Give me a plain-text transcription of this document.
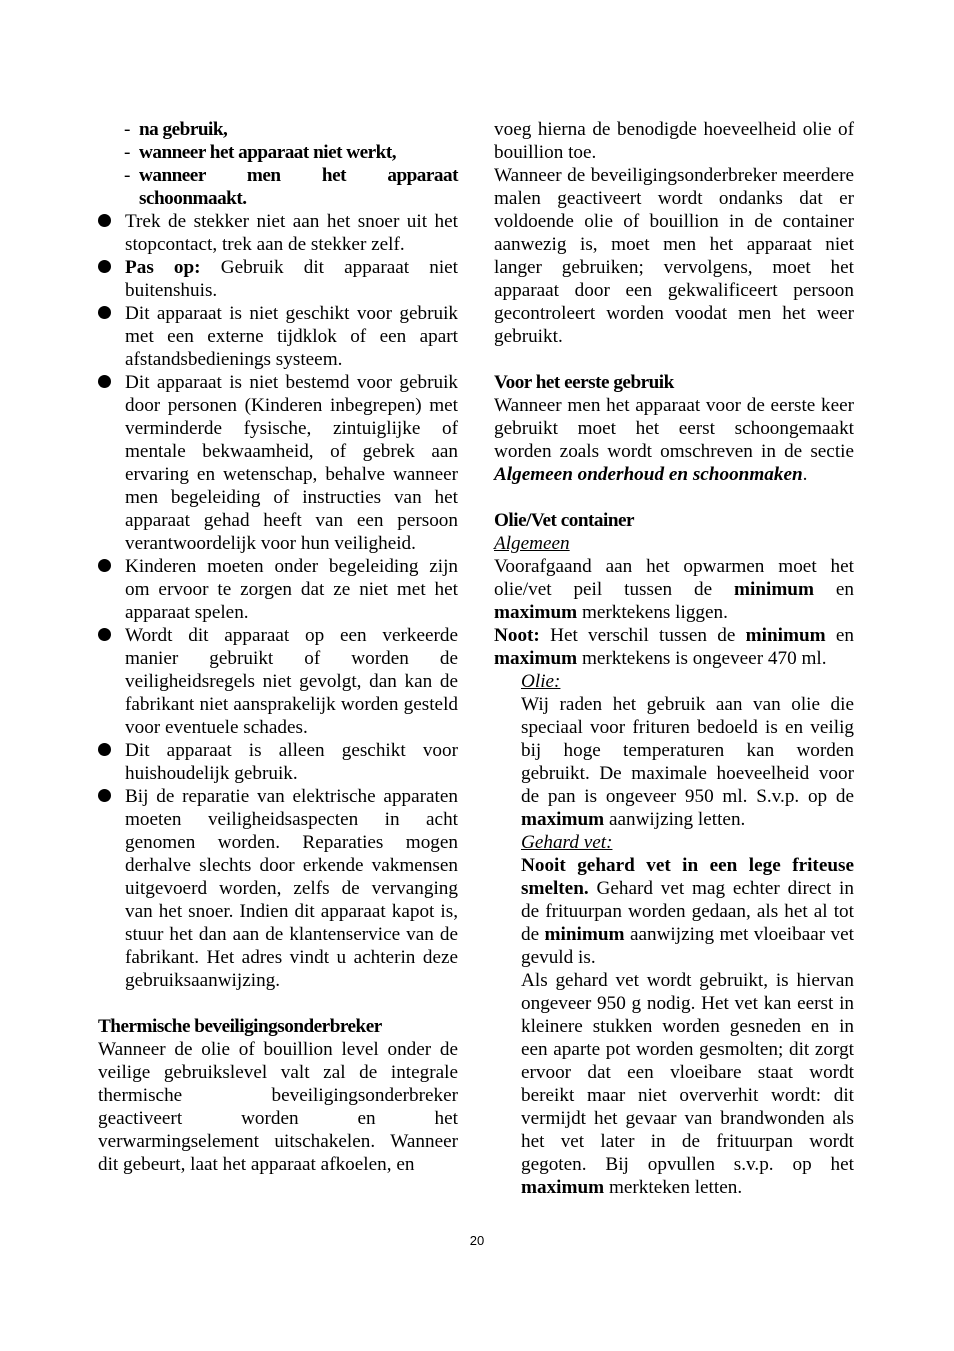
- na gebruik,
- wanneer het apparaat niet werkt,
- wanneer men het apparaat schoonmaakt.
Trek de stekker niet aan het snoer uit het stopcontact, trek aan de stekker zelf.
Pas op: Gebruik dit apparaat niet buitenshuis.
Dit apparaat is niet geschikt voor gebruik met een externe tijdklok of een apart afstandsbedienings systeem.
Dit apparaat is niet bestemd voor gebruik door personen (Kinderen inbegrepen) met verminderde fysische, zintuiglijke of mentale bekwaamheid, of gebrek aan ervaring en wetenschap, behalve wanneer men begeleiding of instructies van het apparaat gehad heeft van een persoon verantwoordelijk voor hun veiligheid.
Kinderen moeten onder begeleiding zijn om ervoor te zorgen dat ze niet met het apparaat spelen.
Wordt dit apparaat op een verkeerde manier gebruikt of worden de veiligheidsregels niet gevolgt, dan kan de fabrikant niet aansprakelijk worden gesteld voor eventuele schades.
Dit apparaat is alleen geschikt voor huishoudelijk gebruik.
Bij de reparatie van elektrische apparaten moeten veiligheidsaspecten in acht genomen worden. Reparaties mogen derhalve slechts door erkende vakmensen uitgevoerd worden, zelfs de vervanging van het snoer. Indien dit apparaat kapot is, stuur het dan aan de klantenservice van de fabrikant. Het adres vindt u achterin deze gebruiksaanwijzing.

Thermische beveiligingsonderbreker

Wanneer de olie of bouillion level onder de veilige gebruikslevel valt zal de integrale thermische beveiligingsonderbreker geactiveert worden en het verwarmingselement uitschakelen. Wanneer dit gebeurt, laat het apparaat afkoelen, en

voeg hierna de benodigde hoeveelheid olie of bouillion toe.

Wanneer de beveiligingsonderbreker meerdere malen geactiveert wordt ondanks dat er voldoende olie of bouillion in de container aanwezig is, moet men het apparaat niet langer gebruiken; vervolgens, moet het apparaat door een gekwalificeert persoon gecontroleert worden voodat men het weer gebruikt.

Voor het eerste gebruik

Wanneer men het apparaat voor de eerste keer gebruikt moet het eerst schoongemaakt worden zoals wordt omschreven in de sectie Algemeen onderhoud en schoonmaken.

Olie/Vet container

Algemeen

Voorafgaand aan het opwarmen moet het olie/vet peil tussen de minimum en maximum merktekens liggen.

Noot: Het verschil tussen de minimum en maximum merktekens is ongeveer 470 ml.

Olie:

Wij raden het gebruik aan van olie die speciaal voor frituren bedoeld is en veilig bij hoge temperaturen kan worden gebruikt. De maximale hoeveelheid voor de pan is ongeveer 950 ml. S.v.p. op de maximum aanwijzing letten.

Gehard vet:

Nooit gehard vet in een lege friteuse smelten. Gehard vet mag echter direct in de frituurpan worden gedaan, als het al tot de minimum aanwijzing met vloeibaar vet gevuld is.

Als gehard vet wordt gebruikt, is hiervan ongeveer 950 g nodig. Het vet kan eerst in kleinere stukken worden gesneden en in een aparte pot worden gesmolten; dit zorgt ervoor dat een vloeibare staat wordt bereikt maar niet oververhit wordt: dit vermijdt het gevaar van brandwonden als het vet later in de frituurpan wordt gegoten. Bij opvullen s.v.p. op het maximum merkteken letten.

20
